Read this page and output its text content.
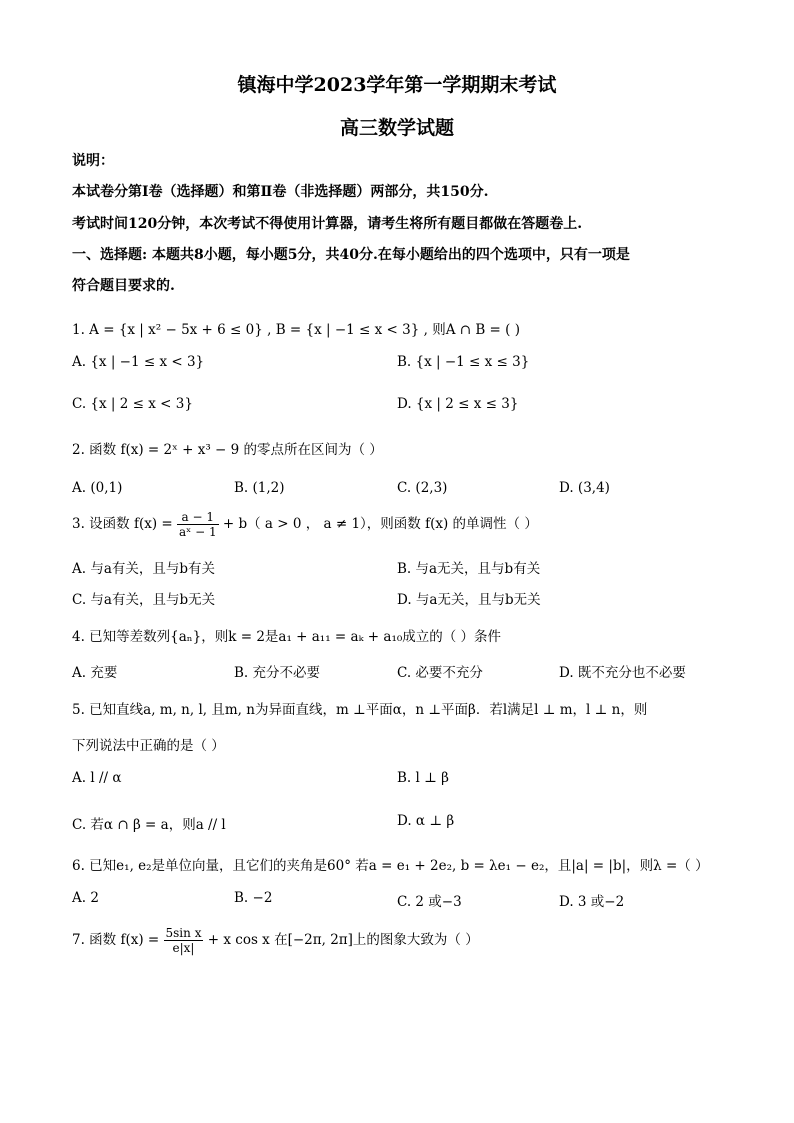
镇海中学2023学年第一学期期末考试
高三数学试题
说明：
本试卷分第Ⅰ卷（选择题）和第Ⅱ卷（非选择题）两部分，共150分.
考试时间120分钟，本次考试不得使用计算器，请考生将所有题目都做在答题卷上.
一、选择题: 本题共8小题，每小题5分，共40分.在每小题给出的四个选项中，只有一项是
符合题目要求的.
1. A = {x | x² − 5x + 6 ≤ 0} , B = {x | −1 ≤ x < 3} , 则A ∩ B = ( )
A. {x | −1 ≤ x < 3}	B. {x | −1 ≤ x ≤ 3}
C. {x | 2 ≤ x < 3}	D. {x | 2 ≤ x ≤ 3}
2. 函数 f(x) = 2ˣ + x³ − 9 的零点所在区间为（ ）
A. (0,1)	B. (1,2)	C. (2,3)	D. (3,4)
3. 设函数 $f(x) = \frac{a - 1}{\text{aˣ − 1}} + b$（ a > 0 ， a ≠ 1），则函数 f(x) 的单调性（ ）
A. 与a有关，且与b有关	B. 与a无关，且与b有关
C. 与a有关，且与b无关	D. 与a无关，且与b无关
4. 已知等差数列{aₙ}，则k = 2是a₁ + a₁₁ = aₖ + a₁₀成立的（ ）条件
A. 充要	B. 充分不必要	C. 必要不充分	D. 既不充分也不必要
5. 已知直线a, m, n, l, 且m, n为异面直线，m ⊥平面α，n ⊥平面β．若l满足l ⊥ m，l ⊥ n，则
下列说法中正确的是（ ）
A. l // α	B. l ⊥ β
C. 若α ∩ β = a，则a // l	D. α ⊥ β
6. 已知e₁, e₂是单位向量，且它们的夹角是60° 若a = e₁ + 2e₂, b = λe₁ − e₂，且|a| = |b|，则λ =（ ）
A. 2	B. −2	C. 2 或−3	D. 3 或−2
7. 函数 $f(x) = \frac{\text{5sin x}}{e|x|} + x$ cos x 在[−2π, 2π]上的图象大致为（ ）
